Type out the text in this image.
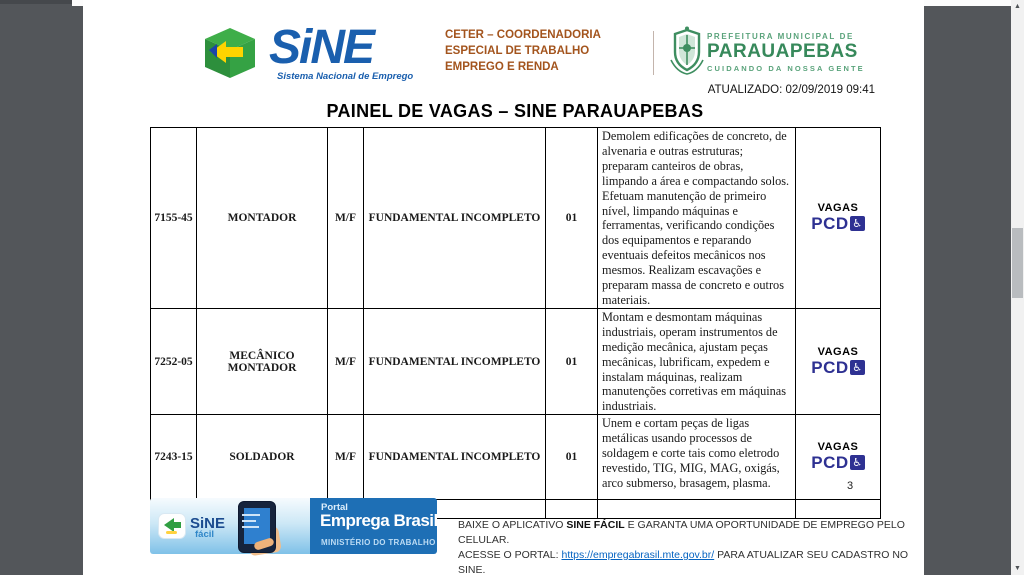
SiNE
Sistema Nacional de Emprego
CETER – COORDENADORIA
ESPECIAL DE TRABALHO
EMPREGO E RENDA
PREFEITURA MUNICIPAL DE
PARAUAPEBAS
CUIDANDO DA NOSSA GENTE
ATUALIZADO: 02/09/2019 09:41
PAINEL DE VAGAS – SINE PARAUAPEBAS
7155-45	MONTADOR	M/F	FUNDAMENTAL INCOMPLETO	01	Demolem edificações de concreto, de alvenaria e outras estruturas; preparam canteiros de obras, limpando a área e compactando solos. Efetuam manutenção de primeiro nível, limpando máquinas e ferramentas, verificando condições dos equipamentos e reparando eventuais defeitos mecânicos nos mesmos. Realizam escavações e preparam massa de concreto e outros materiais.	VAGAS
PCD ♿
7252-05	MECÂNICO MONTADOR	M/F	FUNDAMENTAL INCOMPLETO	01	Montam e desmontam máquinas industriais, operam instrumentos de medição mecânica, ajustam peças mecânicas, lubrificam, expedem e instalam máquinas, realizam manutenções corretivas em máquinas industriais.	VAGAS
PCD ♿
7243-15	SOLDADOR	M/F	FUNDAMENTAL INCOMPLETO	01	Unem e cortam peças de ligas metálicas usando processos de soldagem e corte tais como eletrodo revestido, TIG, MIG, MAG, oxigás, arco submerso, brasagem, plasma.	VAGAS
PCD ♿

3
SiNE
fácil
Portal
Emprega Brasil
MINISTÉRIO DO TRABALHO
BAIXE O APLICATIVO SINE FÁCIL E GARANTA UMA OPORTUNIDADE DE EMPREGO PELO CELULAR.
ACESSE O PORTAL: https://empregabrasil.mte.gov.br/ PARA ATUALIZAR SEU CADASTRO NO SINE.
▲
▼
